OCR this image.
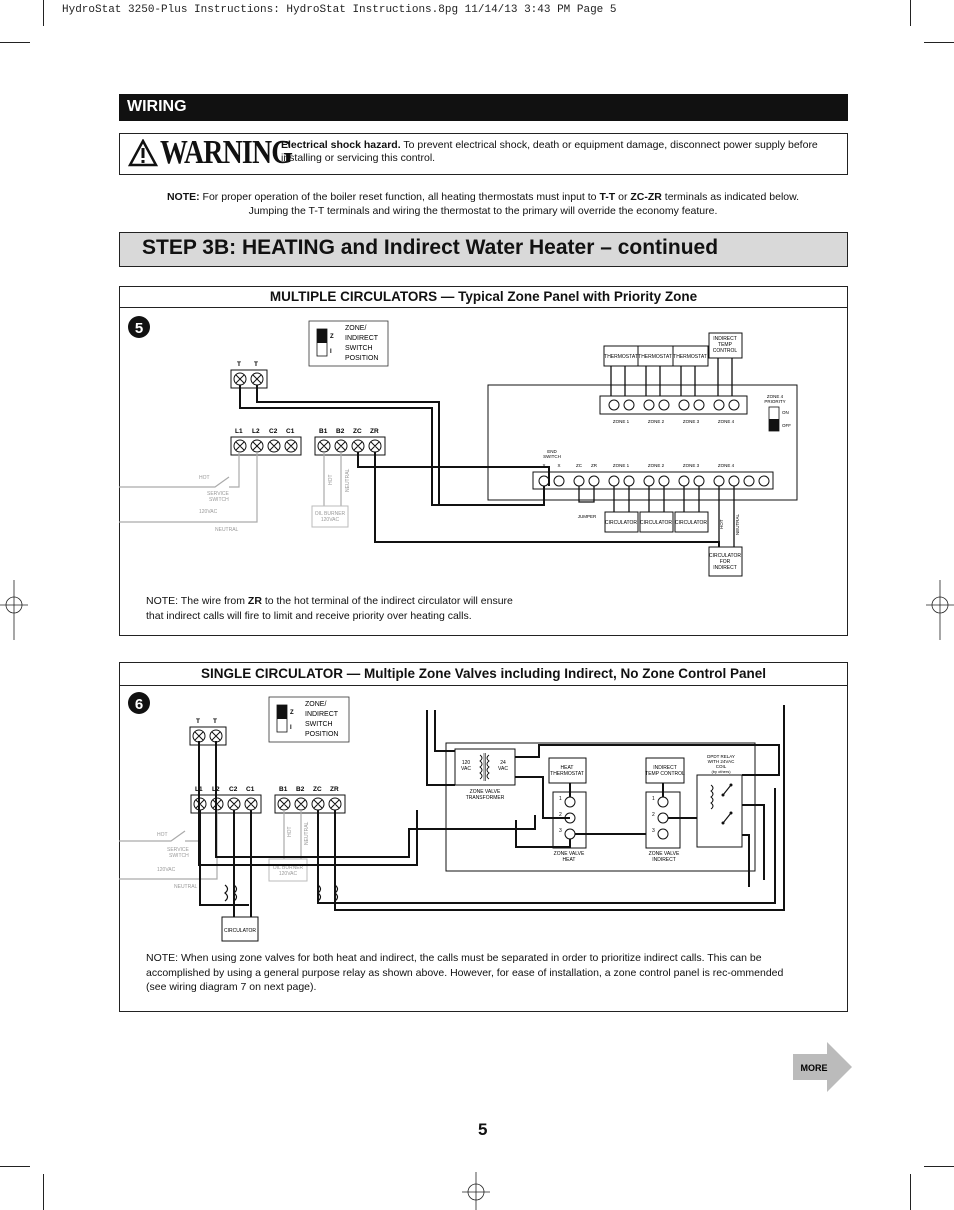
HydroStat 3250-Plus Instructions: HydroStat Instructions.8pg 11/14/13 3:43 PM Page 5
WIRING
WARNING
Electrical shock hazard. To prevent electrical shock, death or equipment damage, disconnect power supply before installing or servicing this control.
NOTE: For proper operation of the boiler reset function, all heating thermostats must input to T-T or ZC-ZR terminals as indicated below.
Jumping the T-T terminals and wiring the thermostat to the primary will override the economy feature.
STEP 3B: HEATING and Indirect Water Heater – continued
MULTIPLE CIRCULATORS — Typical Zone Panel with Priority Zone
NOTE: The wire from ZR to the hot terminal of the indirect circulator will ensure
that indirect calls will fire to limit and receive priority over heating calls.
5	Z
I
ZONE/
INDIRECT
SWITCH
POSITION
T T
L1 L2 C2 C1	B1 B2 ZC ZR
HOT
SERVICE
SWITCH
120VAC
NEUTRAL
HOT NEUTRAL
OIL BURNER
120VAC
THERMOSTAT THERMOSTAT THERMOSTAT
INDIRECT
TEMP
CONTROL
ZONE 1	ZONE 2	ZONE 3	ZONE 4
ZONE 4
PRIORITY
ON
OFF
END
SWITCH
X	X	ZC ZR	ZONE 1	ZONE 2	ZONE 3	ZONE 4
JUMPER
CIRCULATOR CIRCULATOR CIRCULATOR	HOT NEUTRAL
CIRCULATOR
FOR
INDIRECT
SINGLE CIRCULATOR — Multiple Zone Valves including Indirect, No Zone Control Panel
NOTE: When using zone valves for both heat and indirect, the calls must be separated in order to prioritize indirect calls. This can be accomplished by using a general purpose relay as shown above. However, for ease of installation, a zone control panel is rec-ommended (see wiring diagram 7 on next page).
6	Z
I
ZONE/
INDIRECT
SWITCH
POSITION
T T
L1 L2 C2 C1	B1 B2 ZC ZR
HOT
SERVICE
SWITCH
120VAC
NEUTRAL
HOT NEUTRAL
OIL BURNER
120VAC
120
VAC
24
VAC
ZONE VALVE
TRANSFORMER
HEAT
THERMOSTAT
INDIRECT
TEMP CONTROL
1
2
3
ZONE VALVE
HEAT
1
2
3
ZONE VALVE
INDIRECT
DPDT RELAY
WITH 24VAC
COIL
(by others)
CIRCULATOR
MORE
5
